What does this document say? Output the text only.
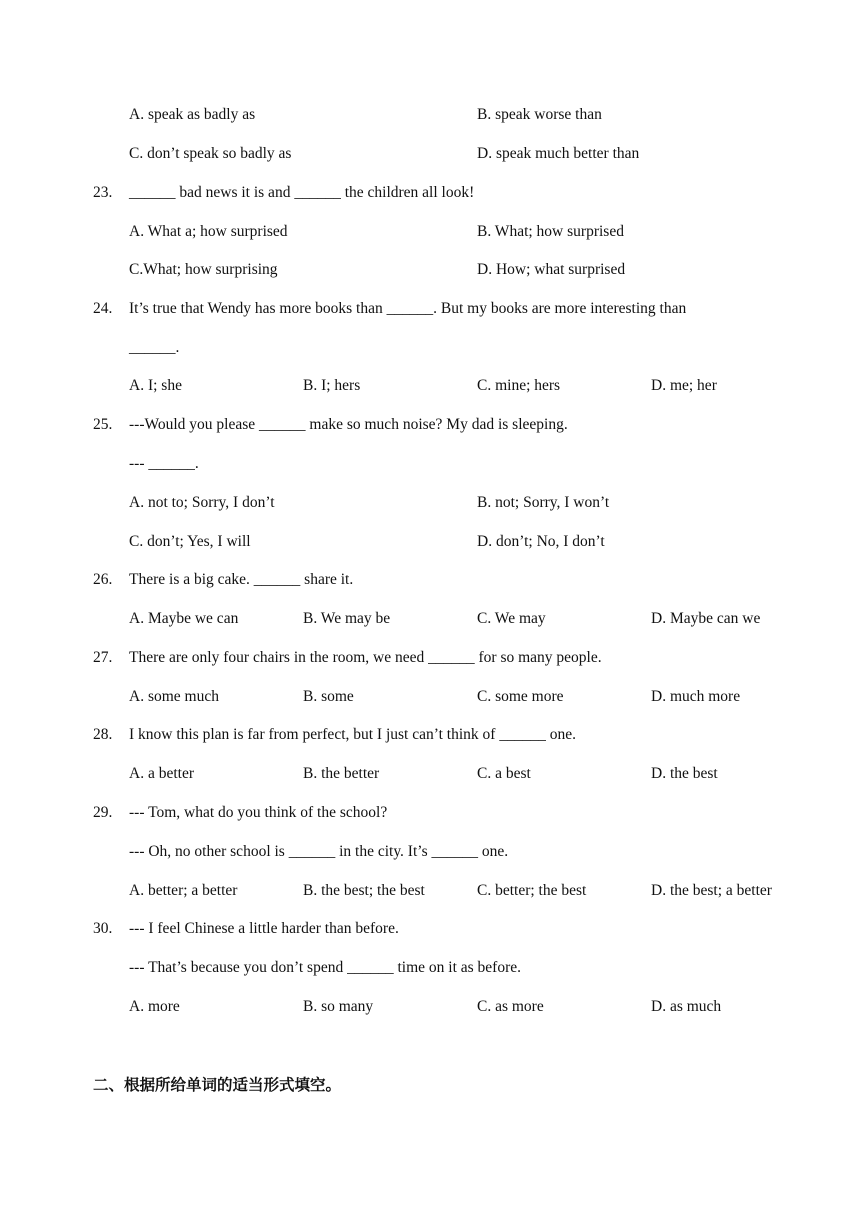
A. speak as badly as	B. speak worse than
C. don’t speak so badly as	D. speak much better than
23. ______ bad news it is and ______ the children all look!
A. What a; how surprised	B. What; how surprised
C.What; how surprising	D. How; what surprised
24. It’s true that Wendy has more books than ______. But my books are more interesting than
______.
A. I; she	B. I; hers	C. mine; hers	D. me; her
25. ---Would you please ______ make so much noise? My dad is sleeping.
--- ______.
A. not to; Sorry, I don’t	B. not; Sorry, I won’t
C. don’t; Yes, I will	D. don’t; No, I don’t
26. There is a big cake. ______ share it.
A. Maybe we can	B. We may be	C. We may	D. Maybe can we
27. There are only four chairs in the room, we need ______ for so many people.
A. some much	B. some	C. some more	D. much more
28. I know this plan is far from perfect, but I just can’t think of ______ one.
A. a better	B. the better	C. a best	D. the best
29. --- Tom, what do you think of the school?
--- Oh, no other school is ______ in the city. It’s ______ one.
A. better; a better	B. the best; the best	C. better; the best	D. the best; a better
30. --- I feel Chinese a little harder than before.
--- That’s because you don’t spend ______ time on it as before.
A. more	B. so many	C. as more	D. as much
二、根据所给单词的适当形式填空。
